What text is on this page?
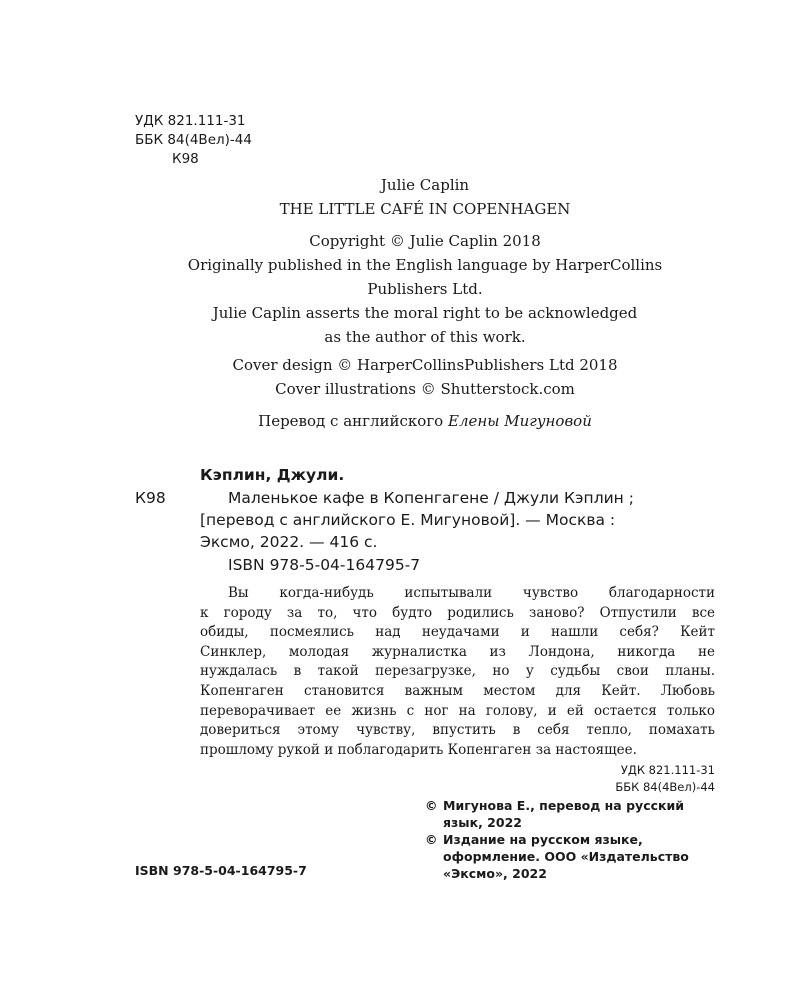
УДК 821.111-31
ББК 84(4Вел)-44
К98
Julie Caplin
THE LITTLE CAFÉ IN COPENHAGEN
Copyright © Julie Caplin 2018
Originally published in the English language by HarperCollins
Publishers Ltd.
Julie Caplin asserts the moral right to be acknowledged
as the author of this work.
Cover design © HarperCollinsPublishers Ltd 2018
Cover illustrations © Shutterstock.com
Перевод с английского Елены Мигуновой
Кэплин, Джули.
К98	Маленькое кафе в Копенгагене / Джули Кэплин ;
[перевод с английского Е. Мигуновой]. — Москва :
Эксмо, 2022. — 416 с.
ISBN 978-5-04-164795-7
Вы когда-нибудь испытывали чувство благодарности
к городу за то, что будто родились заново? Отпустили все
обиды, посмеялись над неудачами и нашли себя? Кейт
Синклер, молодая журналистка из Лондона, никогда не
нуждалась в такой перезагрузке, но у судьбы свои планы.
Копенгаген становится важным местом для Кейт. Любовь
переворачивает ее жизнь с ног на голову, и ей остается только
довериться этому чувству, впустить в себя тепло, помахать
прошлому рукой и поблагодарить Копенгаген за настоящее.
УДК 821.111-31
ББК 84(4Вел)-44
© Мигунова Е., перевод на русский
язык, 2022
© Издание на русском языке,
оформление. ООО «Издательство
«Эксмо», 2022
ISBN 978-5-04-164795-7
